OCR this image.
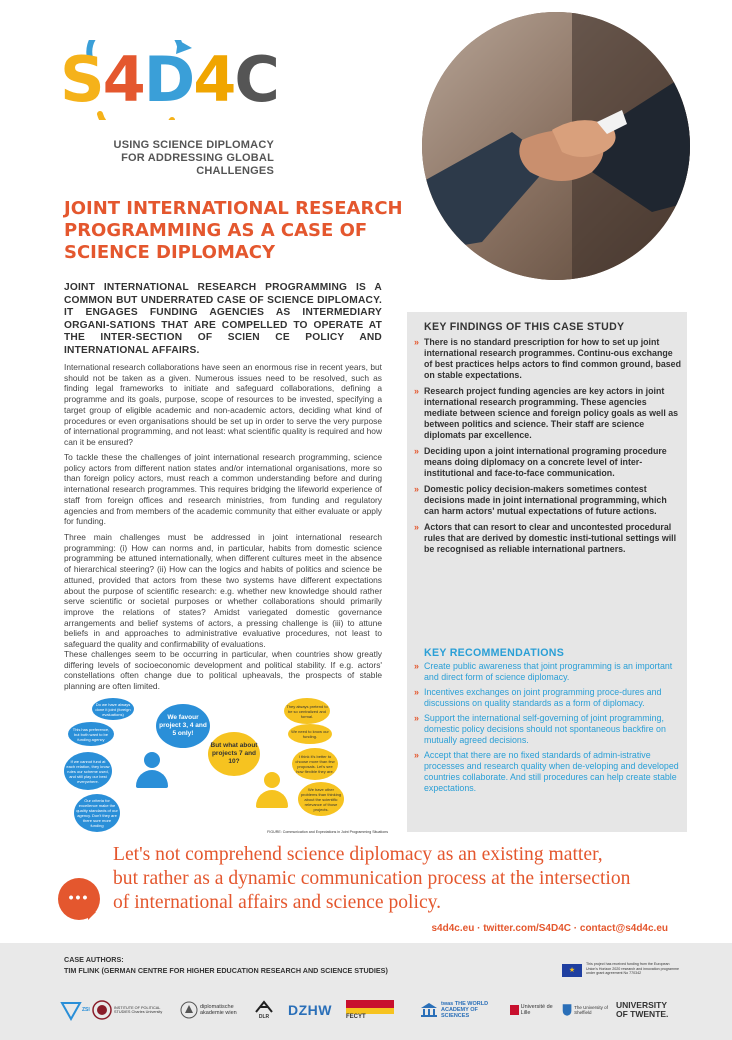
S4D4C
USING SCIENCE DIPLOMACY
FOR ADDRESSING GLOBAL CHALLENGES
JOINT INTERNATIONAL RESEARCH PROGRAMMING AS A CASE OF SCIENCE DIPLOMACY
JOINT INTERNATIONAL RESEARCH PROGRAMMING IS A COMMON BUT UNDERRATED CASE OF SCIENCE DIPLOMACY. IT ENGAGES FUNDING AGENCIES AS INTERMEDIARY ORGANI-SATIONS THAT ARE COMPELLED TO OPERATE AT THE INTER-SECTION OF SCIEN CE POLICY AND INTERNATIONAL AFFAIRS.
International research collaborations have seen an enormous rise in recent years, but should not be taken as a given. Numerous issues need to be resolved, such as finding legal frameworks to initiate and safeguard collaborations, defining a programme and its goals, purpose, scope of resources to be invested, specifying a target group of eligible academic and non-academic actors, deciding what kind of procedures or even organisations should be set up in order to serve the very purpose of international programming, and not least: what scientific quality is required and how can it be ensured?
To tackle these the challenges of joint international research programming, science policy actors from different nation states and/or international organisations, more so than foreign policy actors, must reach a common understanding before and during international research programmes. This requires bridging the lifeworld experience of staff from foreign offices and research ministries, from funding and regulatory agencies and from members of the academic community that either evaluate or apply for funding.
Three main challenges must be addressed in joint international research programming: (i) How can norms and, in particular, habits from domestic science programming be attuned internationally, when different cultures meet in the absence of hierarchical steering? (ii) How can the logics and habits of politics and science be attuned, provided that actors from these two systems have different expectations about the purpose of scientific research: e.g. whether new knowledge should rather serve scientific or societal purposes or whether collaborations should primarily improve the relations of states? Amidst variegated domestic governance arrangements and belief systems of actors, a pressing challenge is (iii) to attune beliefs in and approaches to administrative evaluative procedures, not least to safeguard the quality and confirmability of evaluations.
These challenges seem to be occurring in particular, when countries show greatly differing levels of socioeconomic development and political stability. If e.g. actors' constellations often change due to political upheavals, the prospects of stable planning are often limited.
Do we have always done it joint (foreign evaluations)
This has preference, but both want to be funding agency
If we cannot fund at each relation, they know rules our scheme used, and still play our best everywhere.
Our criteria for excellence make the quality standards of our agency. Don't they are there sure more funding
We favour project 3, 4 and 5 only!
They always pretend to be so centralized and formal.
We need to know our funding.
I think it's better to choose more than few proposals. Let's see how flexible they are.
We have other problems than thinking about the scientific relevance of those projects.
But what about projects 7 and 10?
FIGURE: Communication and Expectations in Joint Programming Situations
KEY FINDINGS OF THIS CASE STUDY
» There is no standard prescription for how to set up joint international research programmes. Continu-ous exchange of best practices helps actors to find common ground, based on stable expectations.
» Research project funding agencies are key actors in joint international research programming. These agencies mediate between science and foreign policy goals as well as between politics and science. Their staff are science diplomats par excellence.
» Deciding upon a joint international programing procedure means doing diplomacy on a concrete level of inter-institutional and face-to-face communication.
» Domestic policy decision-makers sometimes contest decisions made in joint international programming, which can harm actors' mutual expectations of future actions.
» Actors that can resort to clear and uncontested procedural rules that are derived by domestic insti-tutional settings will be recognised as reliable international partners.
KEY RECOMMENDATIONS
» Create public awareness that joint programming is an important and direct form of science diplomacy.
» Incentives exchanges on joint programming proce-dures and discussions on quality standards as a form of diplomacy.
» Support the international self-governing of joint programming, domestic policy decisions should not spontaneous backfire on mutually agreed decisions.
» Accept that there are no fixed standards of admin-istrative processes and research quality when de-veloping and developed countries collaborate. And still procedures can help create stable expectations.
•••
Let's not comprehend science diplomacy as an existing matter,
but rather as a dynamic communication process at the intersection
of international affairs and science policy.
s4d4c.eu · twitter.com/S4D4C · contact@s4d4c.eu
CASE AUTHORS:
TIM FLINK (GERMAN CENTRE FOR HIGHER EDUCATION RESEARCH AND SCIENCE STUDIES)	★
This project has received funding from the European Union's Horizon 2020 research and innovation programme under grant agreement No 770342
ZSI	INSTITUTE OF POLITICAL STUDIES Charles University
diplomatische akademie wien
DLR DZHW FECYT
twas THE WORLD ACADEMY OF SCIENCES
Université de Lille
The University of Sheffield
UNIVERSITY OF TWENTE.
